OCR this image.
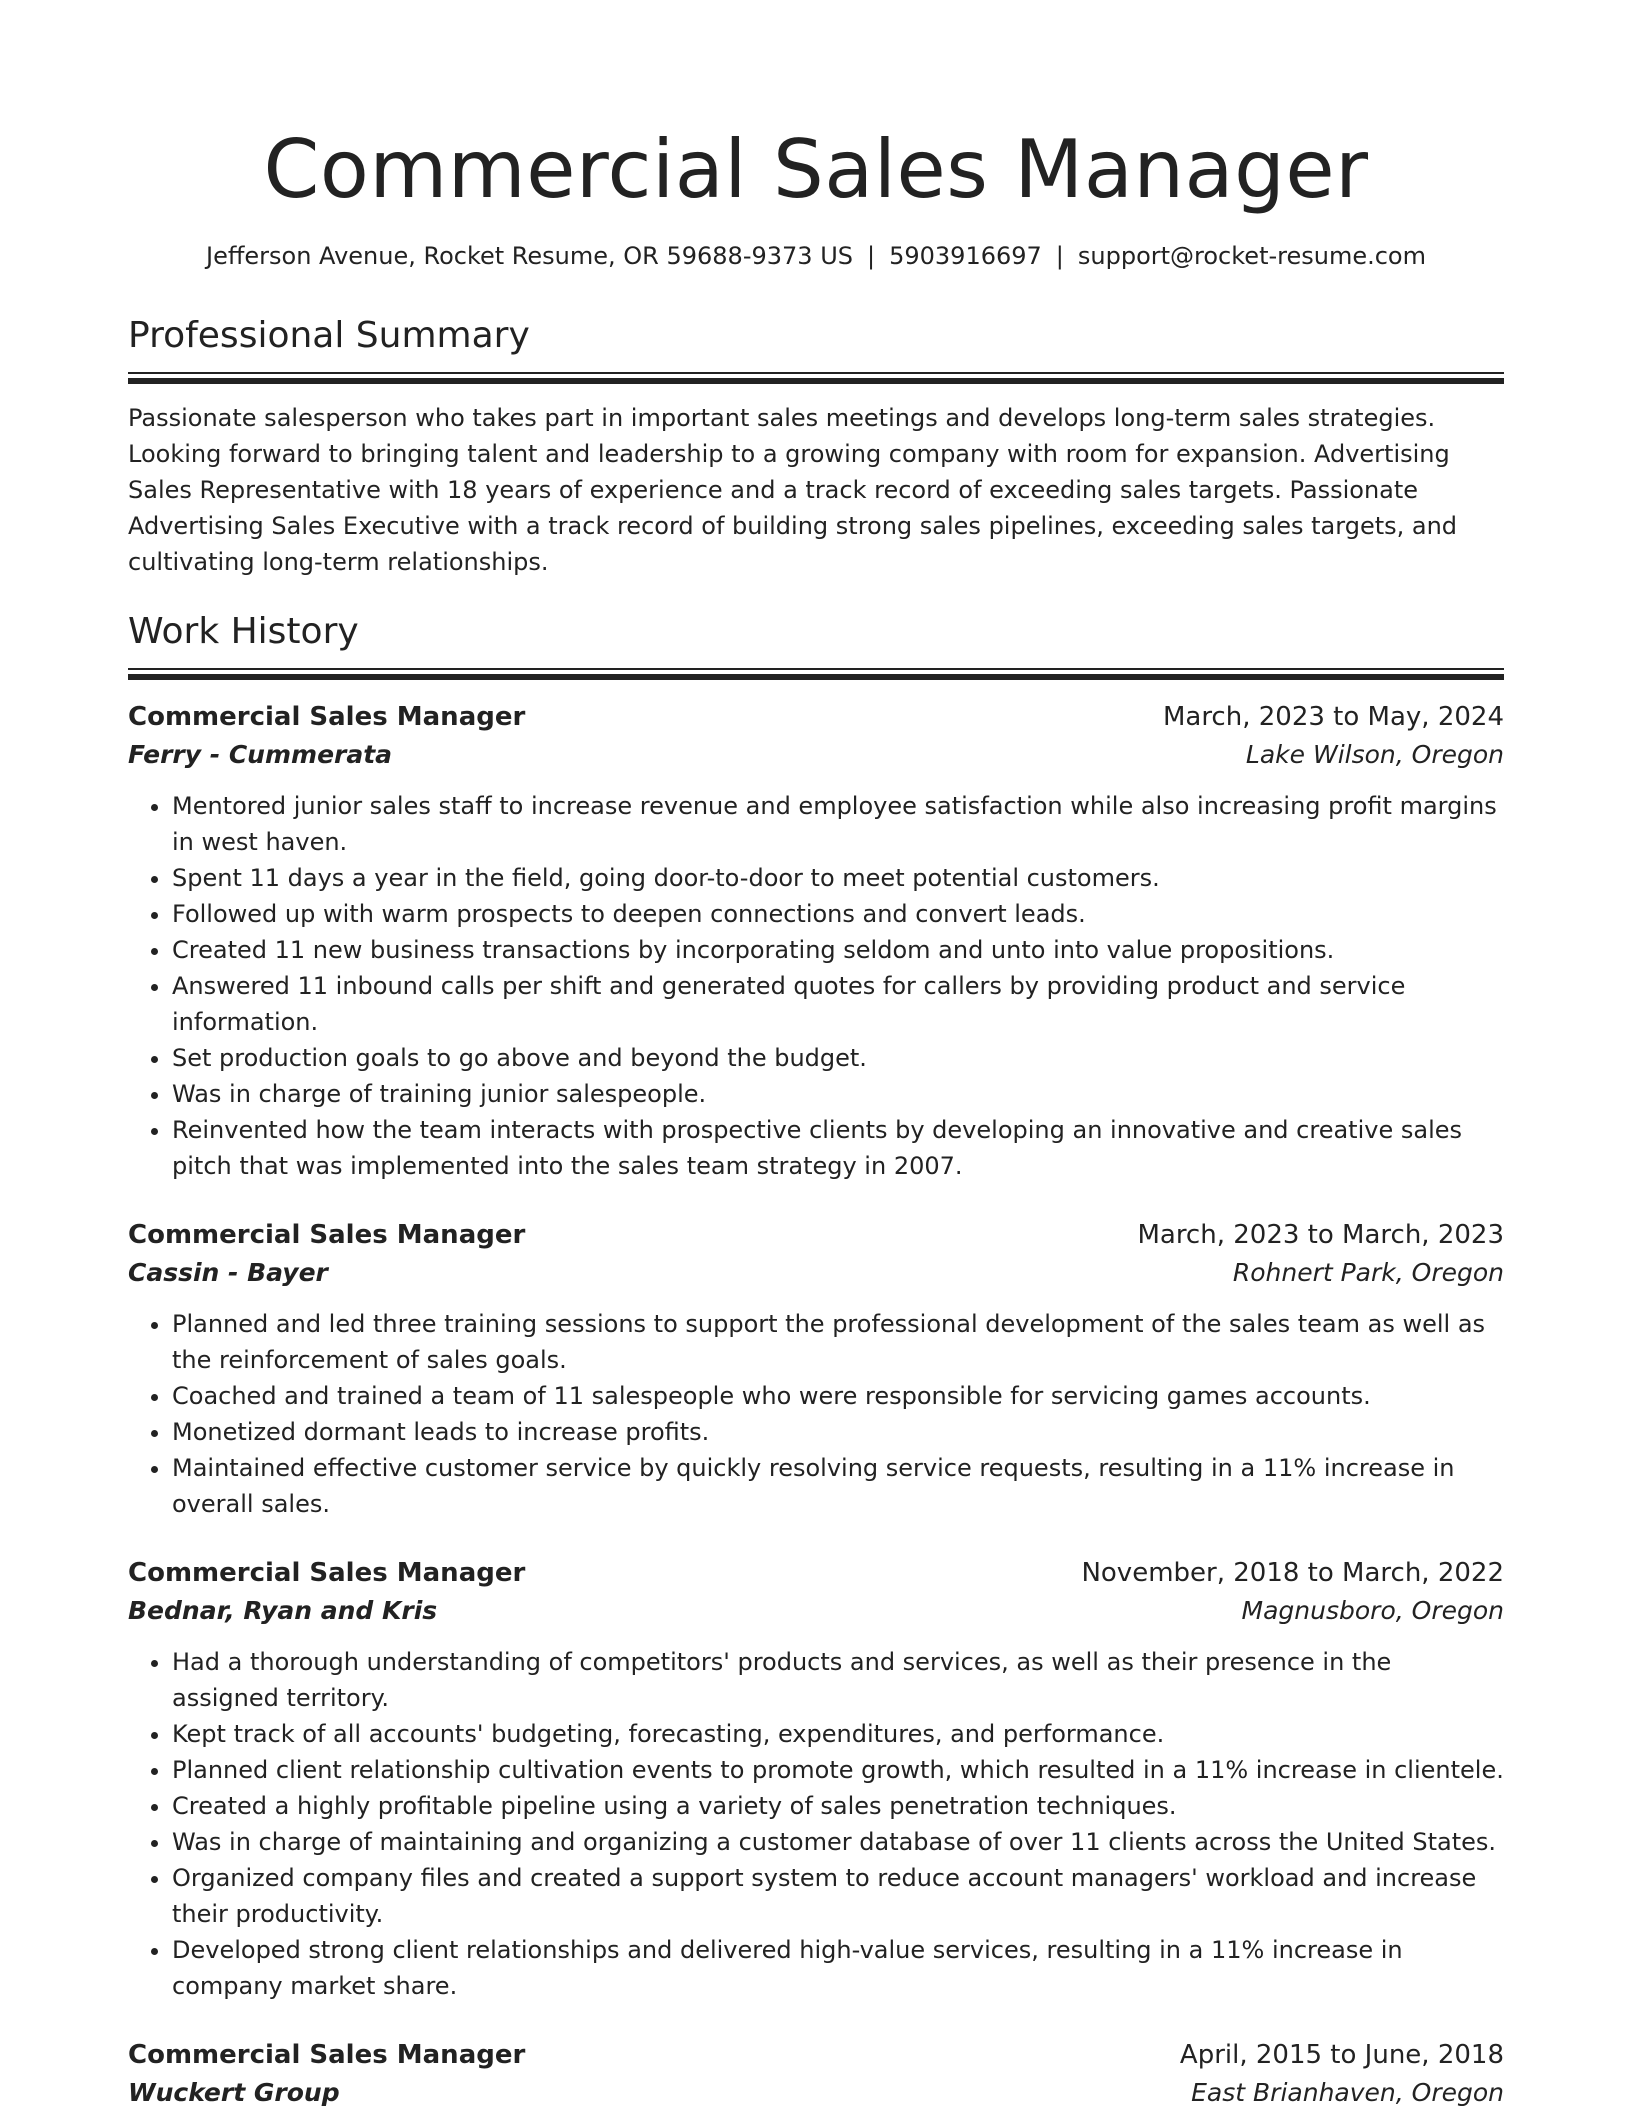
Commercial Sales Manager
Jefferson Avenue, Rocket Resume, OR 59688-9373 US | 5903916697 | support@rocket-resume.com
Professional Summary

Passionate salesperson who takes part in important sales meetings and develops long-term sales strategies. Looking forward to bringing talent and leadership to a growing company with room for expansion. Advertising Sales Representative with 18 years of experience and a track record of exceeding sales targets. Passionate Advertising Sales Executive with a track record of building strong sales pipelines, exceeding sales targets, and cultivating long-term relationships.

Work History
Commercial Sales Manager	March, 2023 to May, 2024
Ferry - Cummerata	Lake Wilson, Oregon
• Mentored junior sales staff to increase revenue and employee satisfaction while also increasing profit margins in west haven.
• Spent 11 days a year in the field, going door-to-door to meet potential customers.
• Followed up with warm prospects to deepen connections and convert leads.
• Created 11 new business transactions by incorporating seldom and unto into value propositions.
• Answered 11 inbound calls per shift and generated quotes for callers by providing product and service information.
• Set production goals to go above and beyond the budget.
• Was in charge of training junior salespeople.
• Reinvented how the team interacts with prospective clients by developing an innovative and creative sales pitch that was implemented into the sales team strategy in 2007.
Commercial Sales Manager	March, 2023 to March, 2023
Cassin - Bayer	Rohnert Park, Oregon
• Planned and led three training sessions to support the professional development of the sales team as well as the reinforcement of sales goals.
• Coached and trained a team of 11 salespeople who were responsible for servicing games accounts.
• Monetized dormant leads to increase profits.
• Maintained effective customer service by quickly resolving service requests, resulting in a 11% increase in overall sales.
Commercial Sales Manager	November, 2018 to March, 2022
Bednar, Ryan and Kris	Magnusboro, Oregon
• Had a thorough understanding of competitors' products and services, as well as their presence in the assigned territory.
• Kept track of all accounts' budgeting, forecasting, expenditures, and performance.
• Planned client relationship cultivation events to promote growth, which resulted in a 11% increase in clientele.
• Created a highly profitable pipeline using a variety of sales penetration techniques.
• Was in charge of maintaining and organizing a customer database of over 11 clients across the United States.
• Organized company files and created a support system to reduce account managers' workload and increase their productivity.
• Developed strong client relationships and delivered high-value services, resulting in a 11% increase in company market share.
Commercial Sales Manager	April, 2015 to June, 2018
Wuckert Group	East Brianhaven, Oregon
